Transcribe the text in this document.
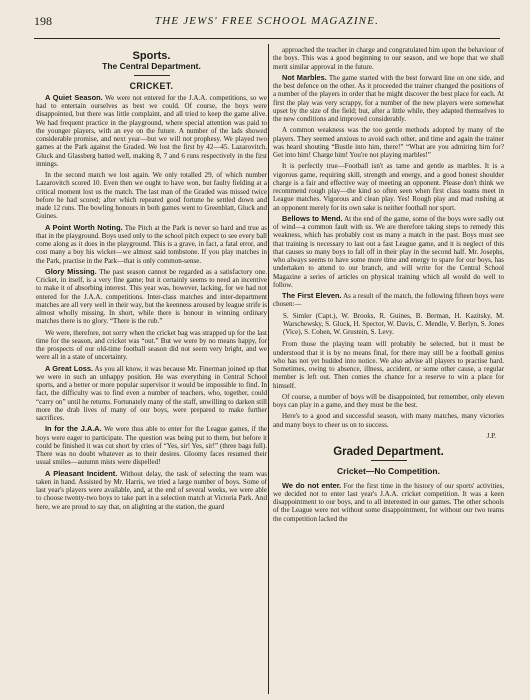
198	THE JEWS' FREE SCHOOL MAGAZINE.
Sports.
The Central Department.
CRICKET.

A Quiet Season. We were not entered for the J.A.A. competitions, so we had to entertain ourselves as best we could. Of course, the boys were disappointed, but there was little complaint, and all tried to keep the game alive. We had frequent practice in the playground, where special attention was paid to the younger players, with an eye on the future. A number of the lads showed considerable promise, and next year—but we will not prophesy. We played two games at the Park against the Graded. We lost the first by 42—45. Lazarovitch, Gluck and Glassberg batted well, making 8, 7 and 6 runs respectively in the first innings.

In the second match we lost again. We only totalled 29, of which number Lazarovitch scored 10. Even then we ought to have won, but faulty fielding at a critical moment lost us the match. The last man of the Graded was missed twice before he had scored; after which repeated good fortune he settled down and made 12 runs. The bowling honours in both games went to Greenblatt, Gluck and Guines.

A Point Worth Noting. The Pitch at the Park is never so hard and true as that in the playground. Boys used only to the school pitch expect to see every ball come along as it does in the playground. This is a grave, in fact, a fatal error, and cost many a boy his wicket—we almost said tombstone. If you play matches in the Park, practise in the Park—that is only common-sense.

Glory Missing. The past season cannot be regarded as a satisfactory one. Cricket, in itself, is a very fine game; but it certainly seems to need an incentive to make it of absorbing interest. This year was, however, lacking, for we had not entered for the J.A.A. competitions. Inter-class matches and inter-department matches are all very well in their way, but the keenness aroused by league strife is almost wholly missing. In short, while there is honour in winning ordinary matches there is no glory. “There is the rub.”

We were, therefore, not sorry when the cricket bag was strapped up for the last time for the season, and cricket was “out.” But we were by no means happy, for the prospects of our old-time football season did not seem very bright, and we were all in a state of uncertainty.

A Great Loss. As you all know, it was because Mr. Finerman joined up that we were in such an unhappy position. He was everything in Central School sports, and a better or more popular supervisor it would be impossible to find. In fact, the difficulty was to find even a number of teachers, who, together, could “carry on” until he returns. Fortunately many of the staff, unwilling to darken still more the drab lives of many of our boys, were prepared to make further sacrifices.

In for the J.A.A. We were thus able to enter for the League games, if the boys were eager to participate. The question was being put to them, but before it could be finished it was cut short by cries of “Yes, sir! Yes, sir!” (three bags full). There was no doubt whatever as to their desires. Gloomy faces resumed their usual smiles—autumn mists were dispelled!

A Pleasant Incident. Without delay, the task of selecting the team was taken in hand. Assisted by Mr. Harris, we tried a large number of boys. Some of last year's players were available, and, at the end of several weeks, we were able to choose twenty-two boys to take part in a selection match at Victoria Park. And here, we are proud to say that, on alighting at the station, the guard

approached the teacher in charge and congratulated him upon the behaviour of the boys. This was a good beginning to our season, and we hope that we shall merit similar approval in the future.

Not Marbles. The game started with the best forward line on one side, and the best defence on the other. As it proceeded the trainer changed the positions of a number of the players in order that he might discover the best place for each. At first the play was very scrappy, for a number of the new players were somewhat upset by the size of the field; but, after a little while, they adapted themselves to the new conditions and improved considerably.

A common weakness was the too gentle methods adopted by many of the players. They seemed anxious to avoid each other, and time and again the trainer was heard shouting “Bustle into him, there!” “What are you admiring him for? Get into him! Charge him! You're not playing marbles!”

It is perfectly true—Football isn't as tame and gentle as marbles. It is a vigorous game, requiring skill, strength and energy, and a good honest shoulder charge is a fair and effective way of meeting an opponent. Please don't think we recommend rough play—the kind so often seen when first class teams meet in League matches. Vigorous and clean play. Yes! Rough play and mad rushing at an opponent merely for its own sake is neither football nor sport.

Bellows to Mend. At the end of the game, some of the boys were sadly out of wind—a common fault with us. We are therefore taking steps to remedy this weakness, which has probably cost us many a match in the past. Boys must see that training is necessary to last out a fast League game, and it is neglect of this that causes so many boys to fall off in their play in the second half. Mr. Josephs, who always seems to have some more time and energy to spare for our boys, has undertaken to attend to our branch, and will write for the Central School Magazine a series of articles on physical training which all would do well to follow.

The First Eleven. As a result of the match, the following fifteen boys were chosen:—

S. Simler (Capt.), W. Brooks, R. Guines, B. Berman, H. Kazitsky, M. Warschewsky, S. Gluck, H. Spector, W. Davis, C. Mendle, V. Berlyn, S. Jones (Vice), S. Cohen, W. Grustein, S. Levy.

From those the playing team will probably be selected, but it must be understood that it is by no means final, for there may still be a football genius who has not yet budded into notice. We also advise all players to practise hard. Sometimes, owing to absence, illness, accident, or some other cause, a regular member is left out. Then comes the chance for a reserve to win a place for himself.

Of course, a number of boys will be disappointed, but remember, only eleven boys can play in a game, and they must be the best.

Here's to a good and successful season, with many matches, many victories and many boys to cheer us on to success.

J.P.

Graded Department.
Cricket—No Competition.

We do not enter. For the first time in the history of our sports' activities, we decided not to enter last year's J.A.A. cricket competition. It was a keen disappointment to our boys, and to all interested in our games. The other schools of the League were not without some disappointment, for without our two teams the competition lacked the
